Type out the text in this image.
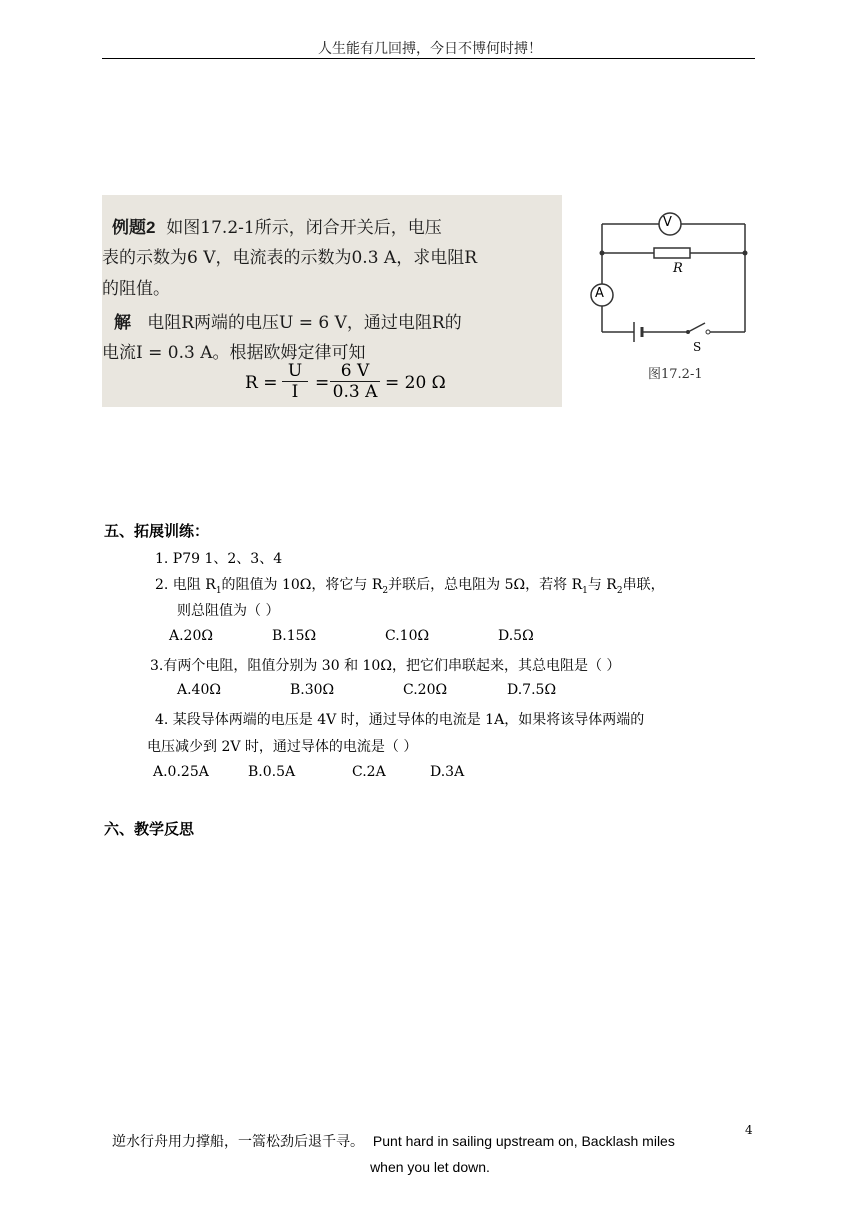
人生能有几回搏，今日不博何时搏！
例题2 如图17.2-1所示，闭合开关后，电压
表的示数为6 V，电流表的示数为0.3 A，求电阻R
的阻值。
解 电阻R两端的电压U = 6 V，通过电阻R的
电流I = 0.3 A。根据欧姆定律可知
$R = \frac{U}{I} = \frac{6 V}{0.3 A} = 20$ Ω
V
A
R
S
图17.2-1
五、拓展训练：
1. P79 1、2、3、4
2. 电阻 $R_1$的阻值为 10Ω，将它与 $R_2$并联后，总电阻为 5Ω，若将 $R_1$与 $R_2$串联，
则总阻值为（ ）
A.20Ω	B.15Ω	C.10Ω	D.5Ω
3.有两个电阻，阻值分别为 30 和 10Ω，把它们串联起来，其总电阻是（ ）
A.40Ω	B.30Ω	C.20Ω	D.7.5Ω
4. 某段导体两端的电压是 4V 时，通过导体的电流是 1A，如果将该导体两端的
电压减少到 2V 时，通过导体的电流是（ ）
A.0.25A	B.0.5A	C.2A	D.3A
六、教学反思
逆水行舟用力撑船，一篙松劲后退千寻。 Punt hard in sailing upstream on, Backlash miles
when you let down.
4
